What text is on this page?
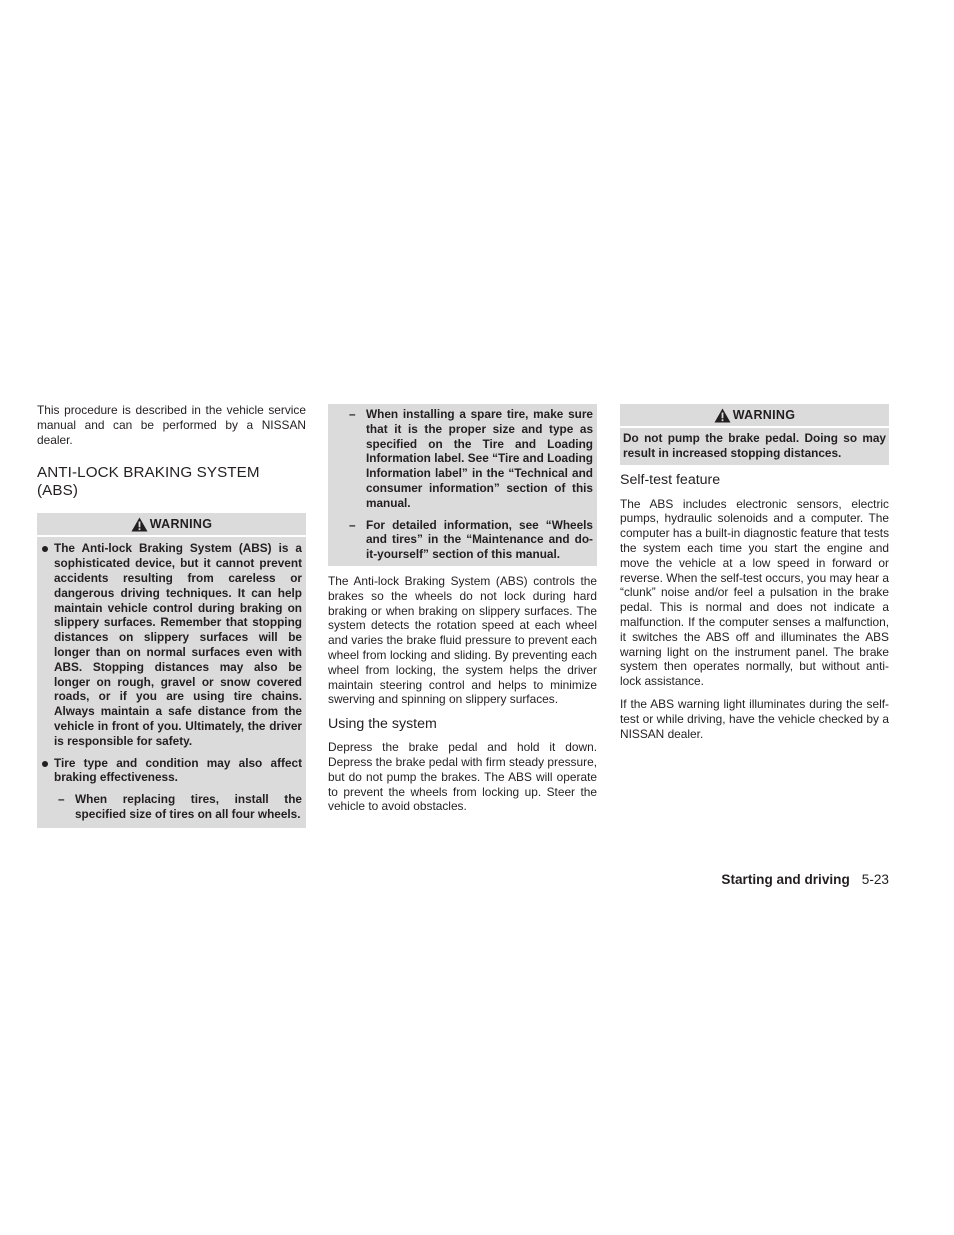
This procedure is described in the vehicle service manual and can be performed by a NISSAN dealer.

ANTI-LOCK BRAKING SYSTEM
(ABS)
WARNING

The Anti-lock Braking System (ABS) is a sophisticated device, but it cannot prevent accidents resulting from careless or dangerous driving techniques. It can help maintain vehicle control during braking on slippery surfaces. Remember that stopping distances on slippery surfaces will be longer than on normal surfaces even with ABS. Stopping distances may also be longer on rough, gravel or snow covered roads, or if you are using tire chains. Always maintain a safe distance from the vehicle in front of you. Ultimately, the driver is responsible for safety.

Tire type and condition may also affect braking effectiveness.

– When replacing tires, install the specified size of tires on all four wheels.

– When installing a spare tire, make sure that it is the proper size and type as specified on the Tire and Loading Information label. See “Tire and Loading Information label” in the “Technical and consumer information” section of this manual.

– For detailed information, see “Wheels and tires” in the “Maintenance and do-it-yourself” section of this manual.

The Anti-lock Braking System (ABS) controls the brakes so the wheels do not lock during hard braking or when braking on slippery surfaces. The system detects the rotation speed at each wheel and varies the brake fluid pressure to prevent each wheel from locking and sliding. By preventing each wheel from locking, the system helps the driver maintain steering control and helps to minimize swerving and spinning on slippery surfaces.

Using the system

Depress the brake pedal and hold it down. Depress the brake pedal with firm steady pressure, but do not pump the brakes. The ABS will operate to prevent the wheels from locking up. Steer the vehicle to avoid obstacles.

WARNING

Do not pump the brake pedal. Doing so may result in increased stopping distances.

Self-test feature

The ABS includes electronic sensors, electric pumps, hydraulic solenoids and a computer. The computer has a built-in diagnostic feature that tests the system each time you start the engine and move the vehicle at a low speed in forward or reverse. When the self-test occurs, you may hear a “clunk” noise and/or feel a pulsation in the brake pedal. This is normal and does not indicate a malfunction. If the computer senses a malfunction, it switches the ABS off and illuminates the ABS warning light on the instrument panel. The brake system then operates normally, but without anti-lock assistance.

If the ABS warning light illuminates during the self-test or while driving, have the vehicle checked by a NISSAN dealer.

Starting and driving 5-23
